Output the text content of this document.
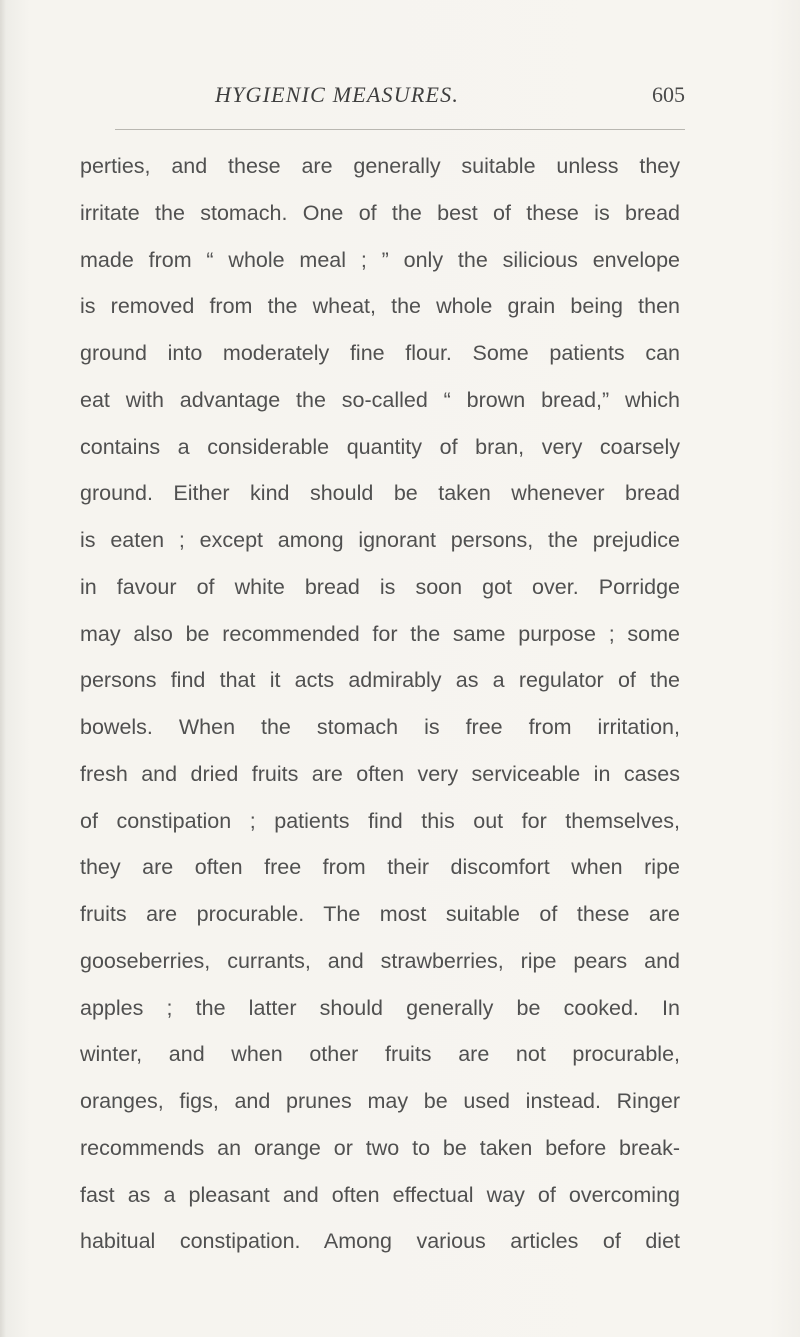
HYGIENIC MEASURES.	605
perties, and these are generally suitable unless they
irritate the stomach. One of the best of these is bread
made from “ whole meal ; ” only the silicious envelope
is removed from the wheat, the whole grain being then
ground into moderately fine flour. Some patients can
eat with advantage the so-called “ brown bread,” which
contains a considerable quantity of bran, very coarsely
ground. Either kind should be taken whenever bread
is eaten ; except among ignorant persons, the prejudice
in favour of white bread is soon got over. Porridge
may also be recommended for the same purpose ; some
persons find that it acts admirably as a regulator of the
bowels. When the stomach is free from irritation,
fresh and dried fruits are often very serviceable in cases
of constipation ; patients find this out for themselves,
they are often free from their discomfort when ripe
fruits are procurable. The most suitable of these are
gooseberries, currants, and strawberries, ripe pears and
apples ; the latter should generally be cooked. In
winter, and when other fruits are not procurable,
oranges, figs, and prunes may be used instead. Ringer
recommends an orange or two to be taken before break-
fast as a pleasant and often effectual way of overcoming
habitual constipation. Among various articles of diet
